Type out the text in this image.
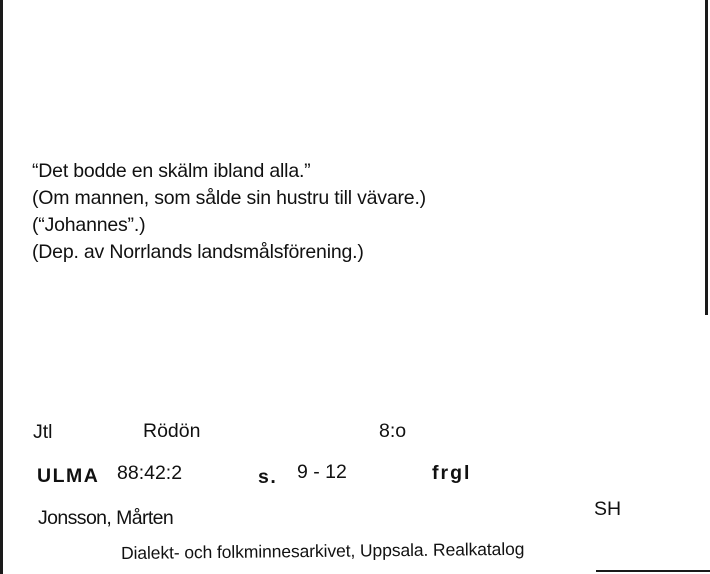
“Det bodde en skälm ibland alla.”
(Om mannen, som sålde sin hustru till vävare.)
(“Johannes”.)
(Dep. av Norrlands landsmålsförening.)
Jtl	Rödön	8:o
ULMA 88:42:2	s. 9 - 12	frgl
Jonsson, Mårten	SH
Dialekt- och folkminnesarkivet, Uppsala. Realkatalog
